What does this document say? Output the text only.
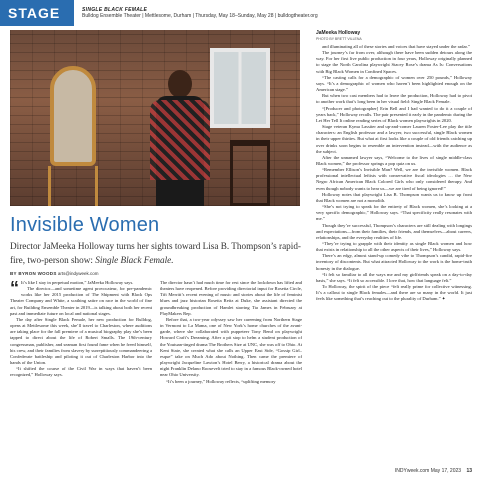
STAGE	SINGLE BLACK FEMALE
Bulldog Ensemble Theater | Mettlesome, Durham | Thursday, May 18–Sunday, May 28 | bulldogtheater.org
JaMeeka Holloway
PHOTO BY BRETT VILLENA

and illuminating all of these stories and voices that have stayed under the radar.”

The journey’s far from over, although there have been sudden detours along the way. For her first live public production in four years, Holloway originally planned to stage the North Carolina playwright Stacey Rose’s drama As Is: Conversations with Big Black Women in Confined Spaces.

“The casting calls for a demographic of women over 250 pounds,” Holloway says. “It’s a demographic of women who haven’t been highlighted enough on the American stage.”

But when two cast members had to leave the production, Holloway had to pivot to another work that’s long been in her visual field: Single Black Female.

“[Producer and photographer] Erin Bell and I had wanted to do it a couple of years back,” Holloway recalls. The pair presented it early in the pandemic during the Let Her Tell It online reading series of Black women playwrights in 2020.

Stage veteran Kyma Lassiter and up-and-comer Lauren Foster-Lee play the title characters: an English professor and a lawyer, two successful, single Black women in their upper thirties. But what at first looks like a couple of old friends catching up over drinks soon begins to resemble an intervention instead—with the audience as the subject.

After the unnamed lawyer says, “Welcome to the lives of single middle-class Black women,” the professor springs a pop quiz on us.

“Remember Ellison’s Invisible Man? Well, we are the invisible women. Black professional intellectual leftists with conservative fiscal ideologies … the New Negro African American Black Colored Girls who only considered therapy. And even though nobody wants to hear us—we are tired of being ignored!”

Holloway notes that playwright Lisa B. Thompson wants us to know up front that Black women are not a monolith.

“She’s not trying to speak for the entirety of Black women, she’s looking at a very specific demographic,” Holloway says. “That specificity really resonates with me.”

Though they’re successful, Thompson’s characters are still dealing with longings and expectations—from their families, their friends, and themselves—about careers, relationships, and the everyday realities of life.

“They’re trying to grapple with their identity as single Black women and how that exists in relationship to all the other aspects of their lives,” Holloway says.

There’s an edgy, almost stand-up comedy vibe to Thompson’s candid, rapid-fire inventory of discontents. But what attracted Holloway to the work is the home-truth honesty in the dialogue.

“It felt so familiar to all the ways me and my girlfriends speak on a day-to-day basis,” she says. “It felt so accessible. I love that, how that language felt.”

To Holloway, the spirit of the piece “felt really prime for collective witnessing. It’s a callout to single Black females—and there are so many in the world. It just feels like something that’s reaching out to the plurality of Durham.” ✦

Invisible Women
Director JaMeeka Holloway turns her sights toward Lisa B. Thompson’s rapid-fire, two-person show: Single Black Female.
BY BYRON WOODS arts@indyweek.com

“ It’s like I stay in perpetual motion,” JaMeeka Holloway says.

The director—and sometime agent provocateur, for pre-pandemic works like her 2015 production of The Shipment with Black Ops Theater Company and White, a scathing satire on race in the world of fine art, for Building Ensemble Theater in 2019—is talking about both her recent past and immediate future on local and national stages.

The day after Single Black Female, her new production for Bulldog, opens at Mettlesome this week, she’ll travel to Charleston, where auditions are taking place for the fall premiere of a musical biography play she’s been tapped to direct about the life of Robert Smalls. The 19th-century congressman, publisher, and seaman first found fame when he freed himself, his crew, and their families from slavery by surreptitiously commandeering a Confederate battleship and piloting it out of Charleston Harbor into the hands of the Union.

“It shifted the course of the Civil War in ways that haven’t been recognized,” Holloway says.

The director hasn’t had much time for rest since the lockdown has lifted and theaters have reopened. Before providing directorial input for Rosetta Circle, Tift Merritt’s recent evening of music and stories about the life of feminist blues and jazz historian Rosetta Reitz at Duke, she assistant directed the groundbreaking production of Hamlet starring Tia James in February at PlayMakers Rep.

Before that, a two-year odyssey saw her careening from Northern Stage in Vermont to La Mama, one of New York’s home churches of the avant-garde, where she collaborated with puppeteer Tony Bend on playwright Howard Craft’s Dreaming. After a pit stop to helm a student production of the Youtuan-tinged drama The Brothers Size at UNC, she was off to Ohio. At Kent State, she created what she calls an Upper East Side, “Gossip Girl–esque” take on Much Ado about Nothing. Then came the premiere of playwright Jacqueline Lawton’s Hotel Berry, a historical drama about the night Franklin Delano Roosevelt tried to stay in a famous Black-owned hotel near Ohio University.

“It’s been a journey,” Holloway reflects, “uplifting memory

INDYweek.com May 17, 2023 13
